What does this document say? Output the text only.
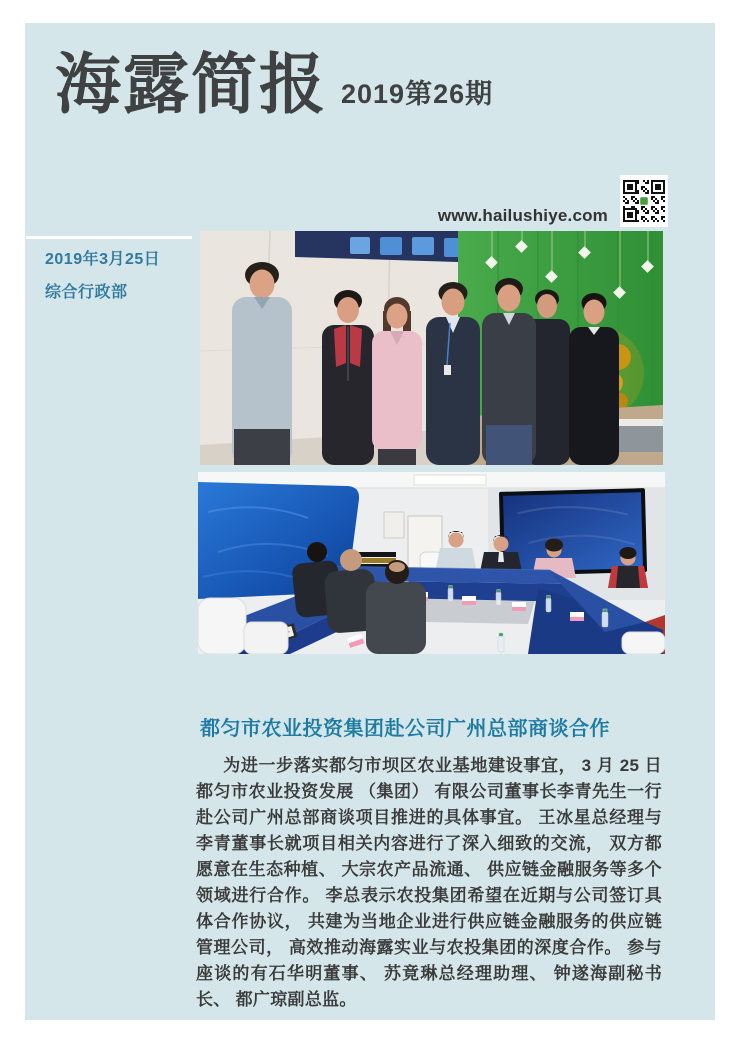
海露简报 2019第26期
www.hailushiye.com
2019年3月25日
综合行政部
都匀市农业投资集团赴公司广州总部商谈合作
为进一步落实都匀市坝区农业基地建设事宜， 3 月 25 日都匀市农业投资发展 （集团） 有限公司董事长李青先生一行赴公司广州总部商谈项目推进的具体事宜。 王冰星总经理与李青董事长就项目相关内容进行了深入细致的交流， 双方都愿意在生态种植、 大宗农产品流通、 供应链金融服务等多个领域进行合作。 李总表示农投集团希望在近期与公司签订具体合作协议， 共建为当地企业进行供应链金融服务的供应链管理公司， 高效推动海露实业与农投集团的深度合作。 参与座谈的有石华明董事、 苏竟琳总经理助理、 钟遂海副秘书长、 都广琼副总监。
